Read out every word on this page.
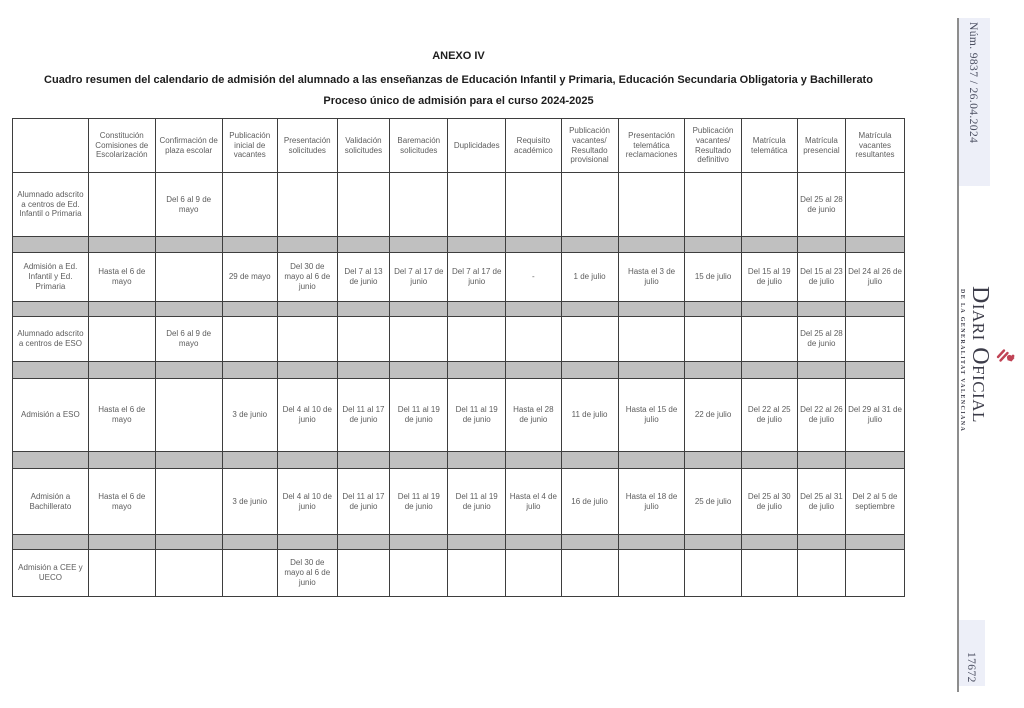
ANEXO IV
Cuadro resumen del calendario de admisión del alumnado a las enseñanzas de Educación Infantil y Primaria, Educación Secundaria Obligatoria y Bachillerato
Proceso único de admisión para el curso 2024-2025
	Constitución Comisiones de Escolarización	Confirmación de plaza escolar	Publicación inicial de vacantes	Presentación solicitudes	Validación solicitudes	Baremación solicitudes	Duplicidades	Requisito académico	Publicación vacantes/ Resultado provisional	Presentación telemática reclamaciones	Publicación vacantes/ Resultado definitivo	Matrícula telemática	Matrícula presencial	Matrícula vacantes resultantes
Alumnado adscrito a centros de Ed. Infantil o Primaria		Del 6 al 9 de mayo											Del 25 al 28 de junio	

Admisión a Ed. Infantil y Ed. Primaria	Hasta el 6 de mayo		29 de mayo	Del 30 de mayo al 6 de junio	Del 7 al 13 de junio	Del 7 al 17 de junio	Del 7 al 17 de junio	-	1 de julio	Hasta el 3 de julio	15 de julio	Del 15 al 19 de julio	Del 15 al 23 de julio	Del 24 al 26 de julio

Alumnado adscrito a centros de ESO		Del 6 al 9 de mayo											Del 25 al 28 de junio	

Admisión a ESO	Hasta el 6 de mayo		3 de junio	Del 4 al 10 de junio	Del 11 al 17 de junio	Del 11 al 19 de junio	Del 11 al 19 de junio	Hasta el 28 de junio	11 de julio	Hasta el 15 de julio	22 de julio	Del 22 al 25 de julio	Del 22 al 26 de julio	Del 29 al 31 de julio

Admisión a Bachillerato	Hasta el 6 de mayo		3 de junio	Del 4 al 10 de junio	Del 11 al 17 de junio	Del 11 al 19 de junio	Del 11 al 19 de junio	Hasta el 4 de julio	16 de julio	Hasta el 18 de julio	25 de julio	Del 25 al 30 de julio	Del 25 al 31 de julio	Del 2 al 5 de septiembre

Admisión a CEE y UECO				Del 30 de mayo al 6 de junio										
Núm. 9837 / 26.04.2024
DE LA GENERALITAT VALENCIANA Diari Oficial
17672
